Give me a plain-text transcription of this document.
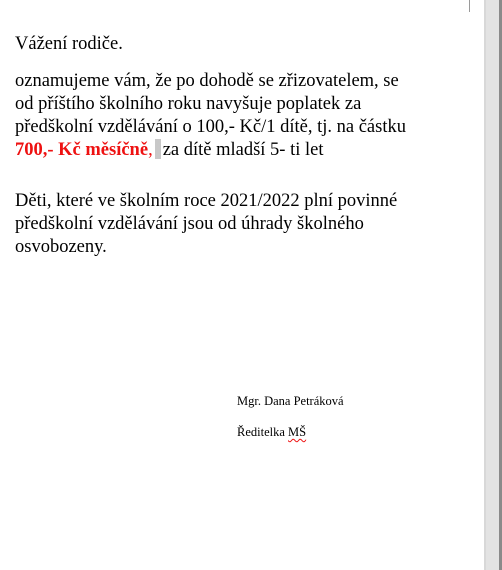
Vážení rodiče.

oznamujeme vám, že po dohodě se zřizovatelem, se
od příštího školního roku navyšuje poplatek za
předškolní vzdělávání o 100,- Kč/1 dítě, tj. na částku
700,- Kč měsíčně, za dítě mladší 5- ti let

Děti, které ve školním roce 2021/2022 plní povinné předškolní vzdělávání jsou od úhrady školného osvobozeny.

Mgr. Dana Petráková

Ředitelka MŠ
